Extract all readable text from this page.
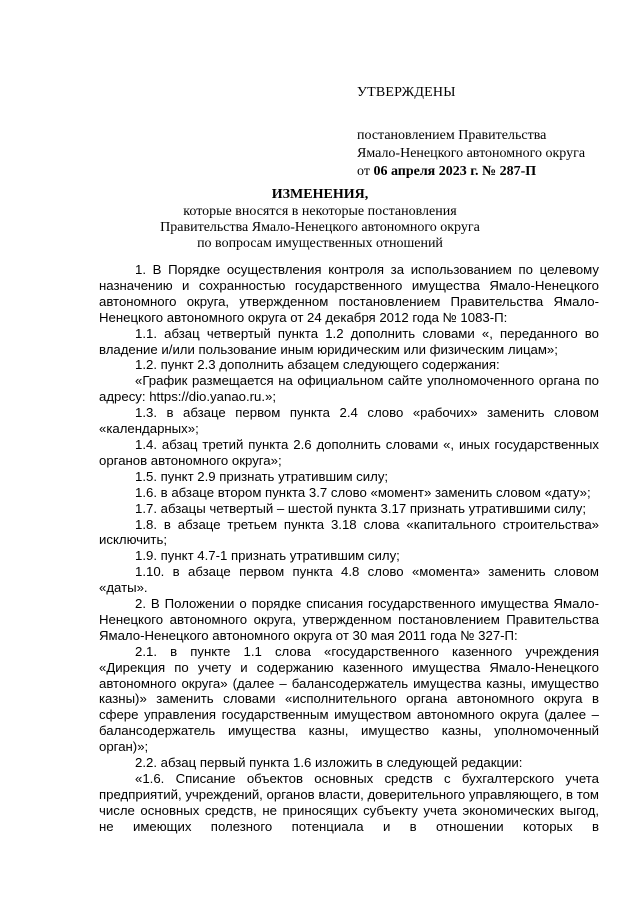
УТВЕРЖДЕНЫ
постановлением Правительства
Ямало-Ненецкого автономного округа
от 06 апреля 2023 г. № 287-П
ИЗМЕНЕНИЯ,
которые вносятся в некоторые постановления
Правительства Ямало-Ненецкого автономного округа
по вопросам имущественных отношений

1. В Порядке осуществления контроля за использованием по целевому назначению и сохранностью государственного имущества Ямало-Ненецкого автономного округа, утвержденном постановлением Правительства Ямало-Ненецкого автономного округа от 24 декабря 2012 года № 1083-П:

1.1. абзац четвертый пункта 1.2 дополнить словами «, переданного во владение и/или пользование иным юридическим или физическим лицам»;

1.2. пункт 2.3 дополнить абзацем следующего содержания:

«График размещается на официальном сайте уполномоченного органа по адресу: https://dio.yanao.ru.»;

1.3. в абзаце первом пункта 2.4 слово «рабочих» заменить словом «календарных»;

1.4. абзац третий пункта 2.6 дополнить словами «, иных государственных органов автономного округа»;

1.5. пункт 2.9 признать утратившим силу;

1.6. в абзаце втором пункта 3.7 слово «момент» заменить словом «дату»;

1.7. абзацы четвертый – шестой пункта 3.17 признать утратившими силу;

1.8. в абзаце третьем пункта 3.18 слова «капитального строительства» исключить;

1.9. пункт 4.7-1 признать утратившим силу;

1.10. в абзаце первом пункта 4.8 слово «момента» заменить словом «даты».

2. В Положении о порядке списания государственного имущества Ямало-Ненецкого автономного округа, утвержденном постановлением Правительства Ямало-Ненецкого автономного округа от 30 мая 2011 года № 327-П:

2.1. в пункте 1.1 слова «государственного казенного учреждения «Дирекция по учету и содержанию казенного имущества Ямало-Ненецкого автономного округа» (далее – балансодержатель имущества казны, имущество казны)» заменить словами «исполнительного органа автономного округа в сфере управления государственным имуществом автономного округа (далее – балансодержатель имущества казны, имущество казны, уполномоченный орган)»;

2.2. абзац первый пункта 1.6 изложить в следующей редакции:

«1.6. Списание объектов основных средств с бухгалтерского учета предприятий, учреждений, органов власти, доверительного управляющего, в том числе основных средств, не приносящих субъекту учета экономических выгод, не имеющих полезного потенциала и в отношении которых в
